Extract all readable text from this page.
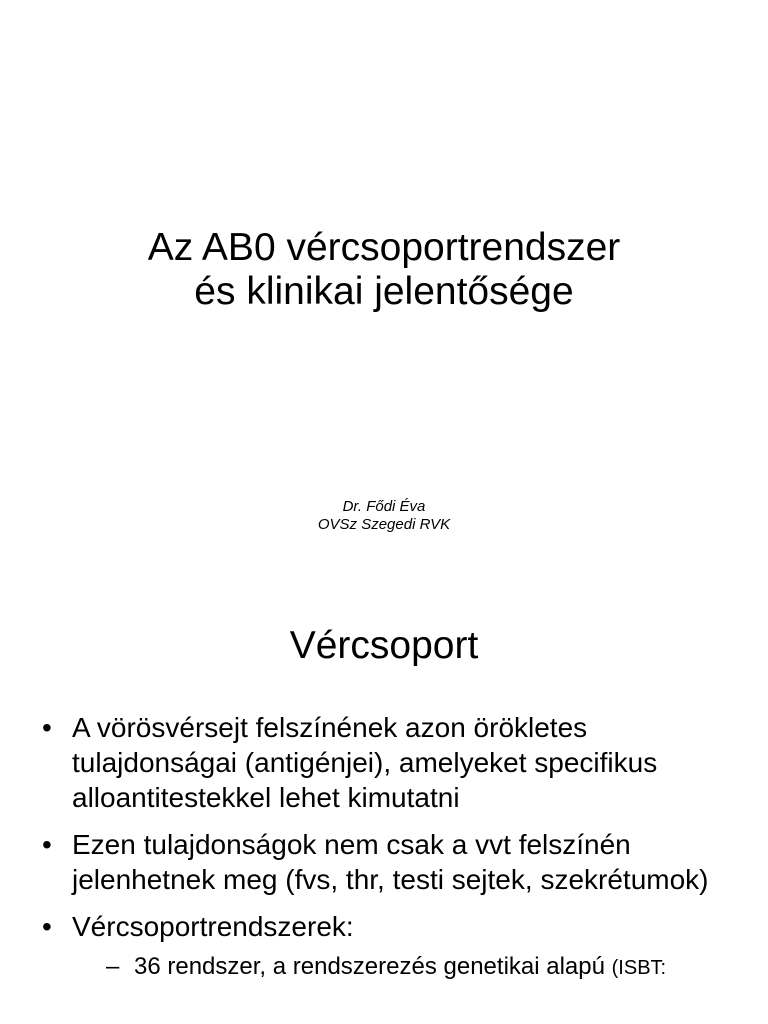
Az AB0 vércsoportrendszer
és klinikai jelentősége
Dr. Fődi Éva
OVSz Szegedi RVK
Vércsoport
• A vörösvérsejt felszínének azon örökletes tulajdonságai (antigénjei), amelyeket specifikus alloantitestekkel lehet kimutatni
• Ezen tulajdonságok nem csak a vvt felszínén jelenhetnek meg (fvs, thr, testi sejtek, szekrétumok)
• Vércsoportrendszerek:
– 36 rendszer, a rendszerezés genetikai alapú (ISBT:
